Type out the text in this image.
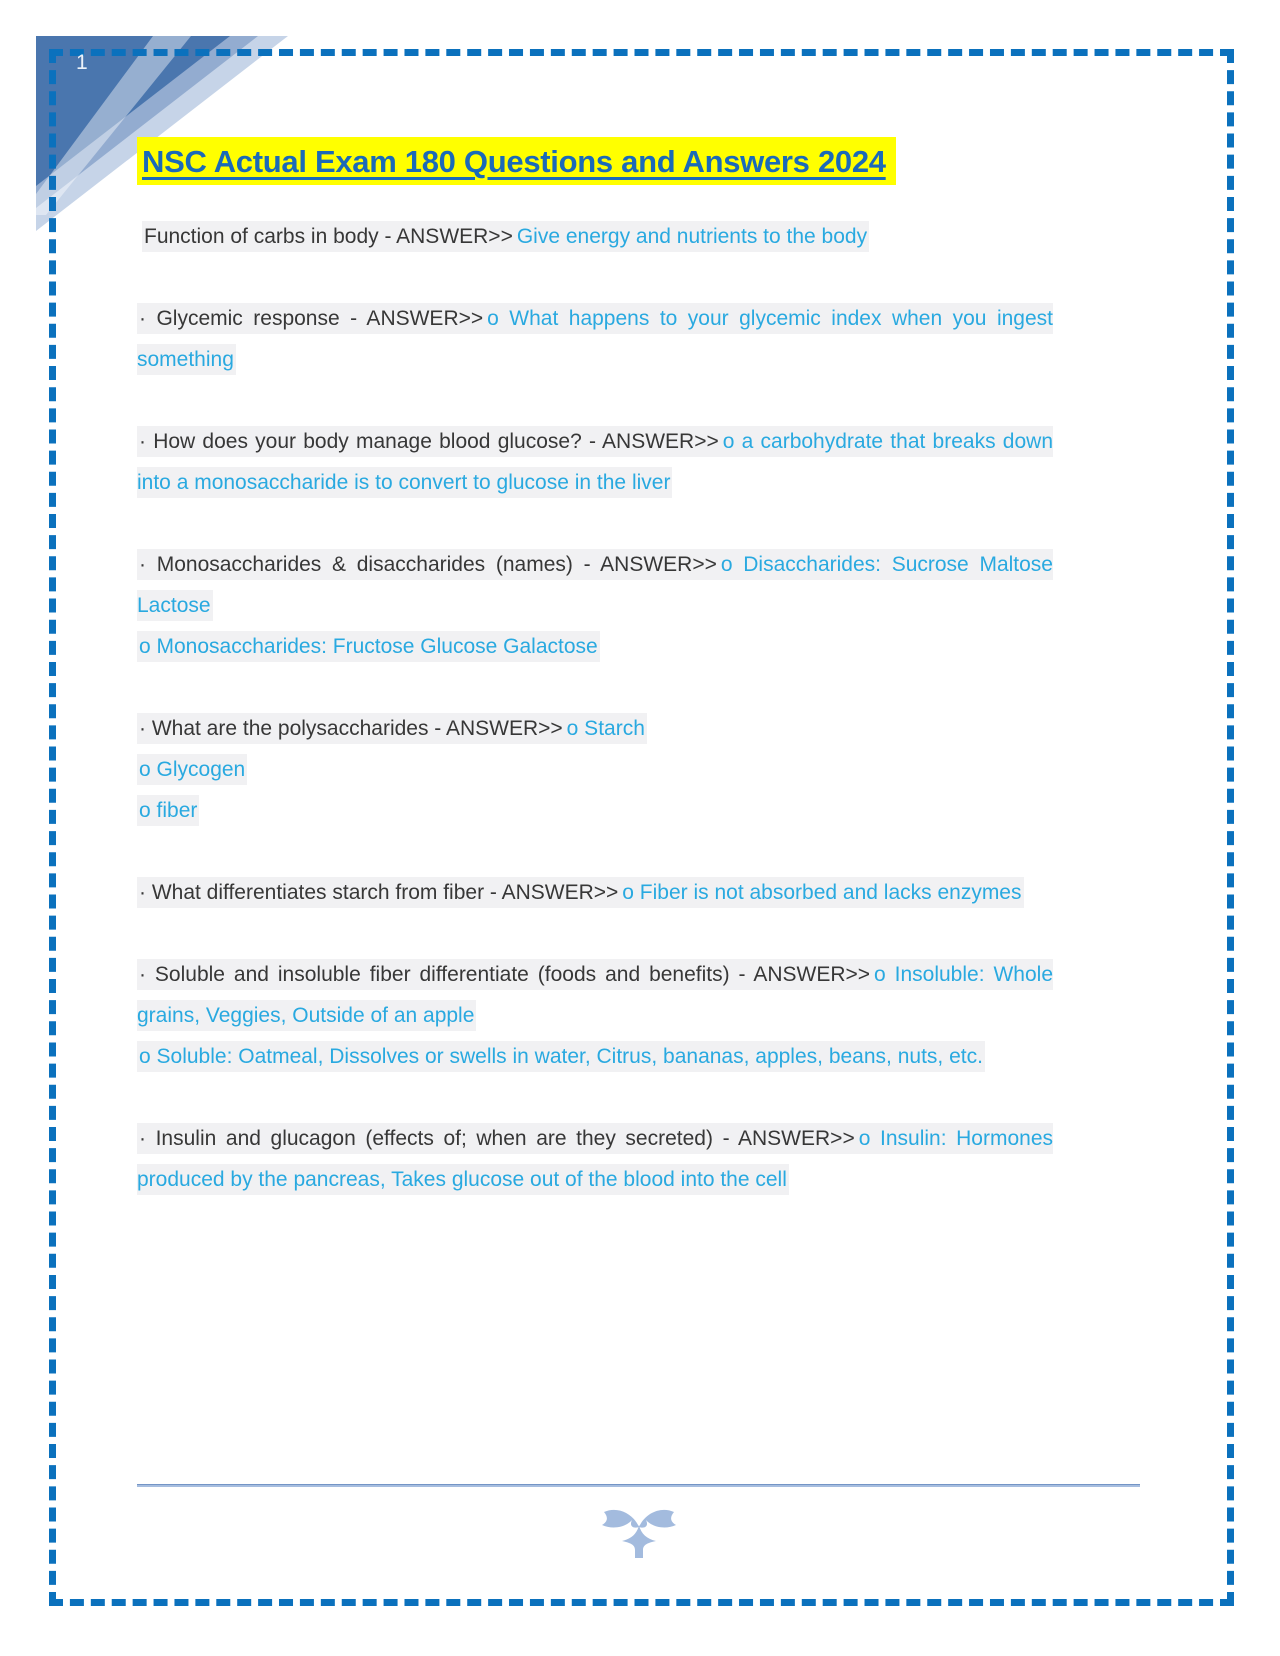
1
NSC Actual Exam 180 Questions and Answers 2024

Function of carbs in body - ANSWER>> Give energy and nutrients to the body

· Glycemic response - ANSWER>> o What happens to your glycemic index when you ingest something

· How does your body manage blood glucose? - ANSWER>> o a carbohydrate that breaks down into a monosaccharide is to convert to glucose in the liver

· Monosaccharides & disaccharides (names) - ANSWER>> o Disaccharides: Sucrose Maltose Lactose
o Monosaccharides: Fructose Glucose Galactose

· What are the polysaccharides - ANSWER>> o Starch
o Glycogen
o fiber

· What differentiates starch from fiber - ANSWER>> o Fiber is not absorbed and lacks enzymes

· Soluble and insoluble fiber differentiate (foods and benefits) - ANSWER>> o Insoluble: Whole grains, Veggies, Outside of an apple
o Soluble: Oatmeal, Dissolves or swells in water, Citrus, bananas, apples, beans, nuts, etc.

· Insulin and glucagon (effects of; when are they secreted) - ANSWER>> o Insulin: Hormones produced by the pancreas, Takes glucose out of the blood into the cell
